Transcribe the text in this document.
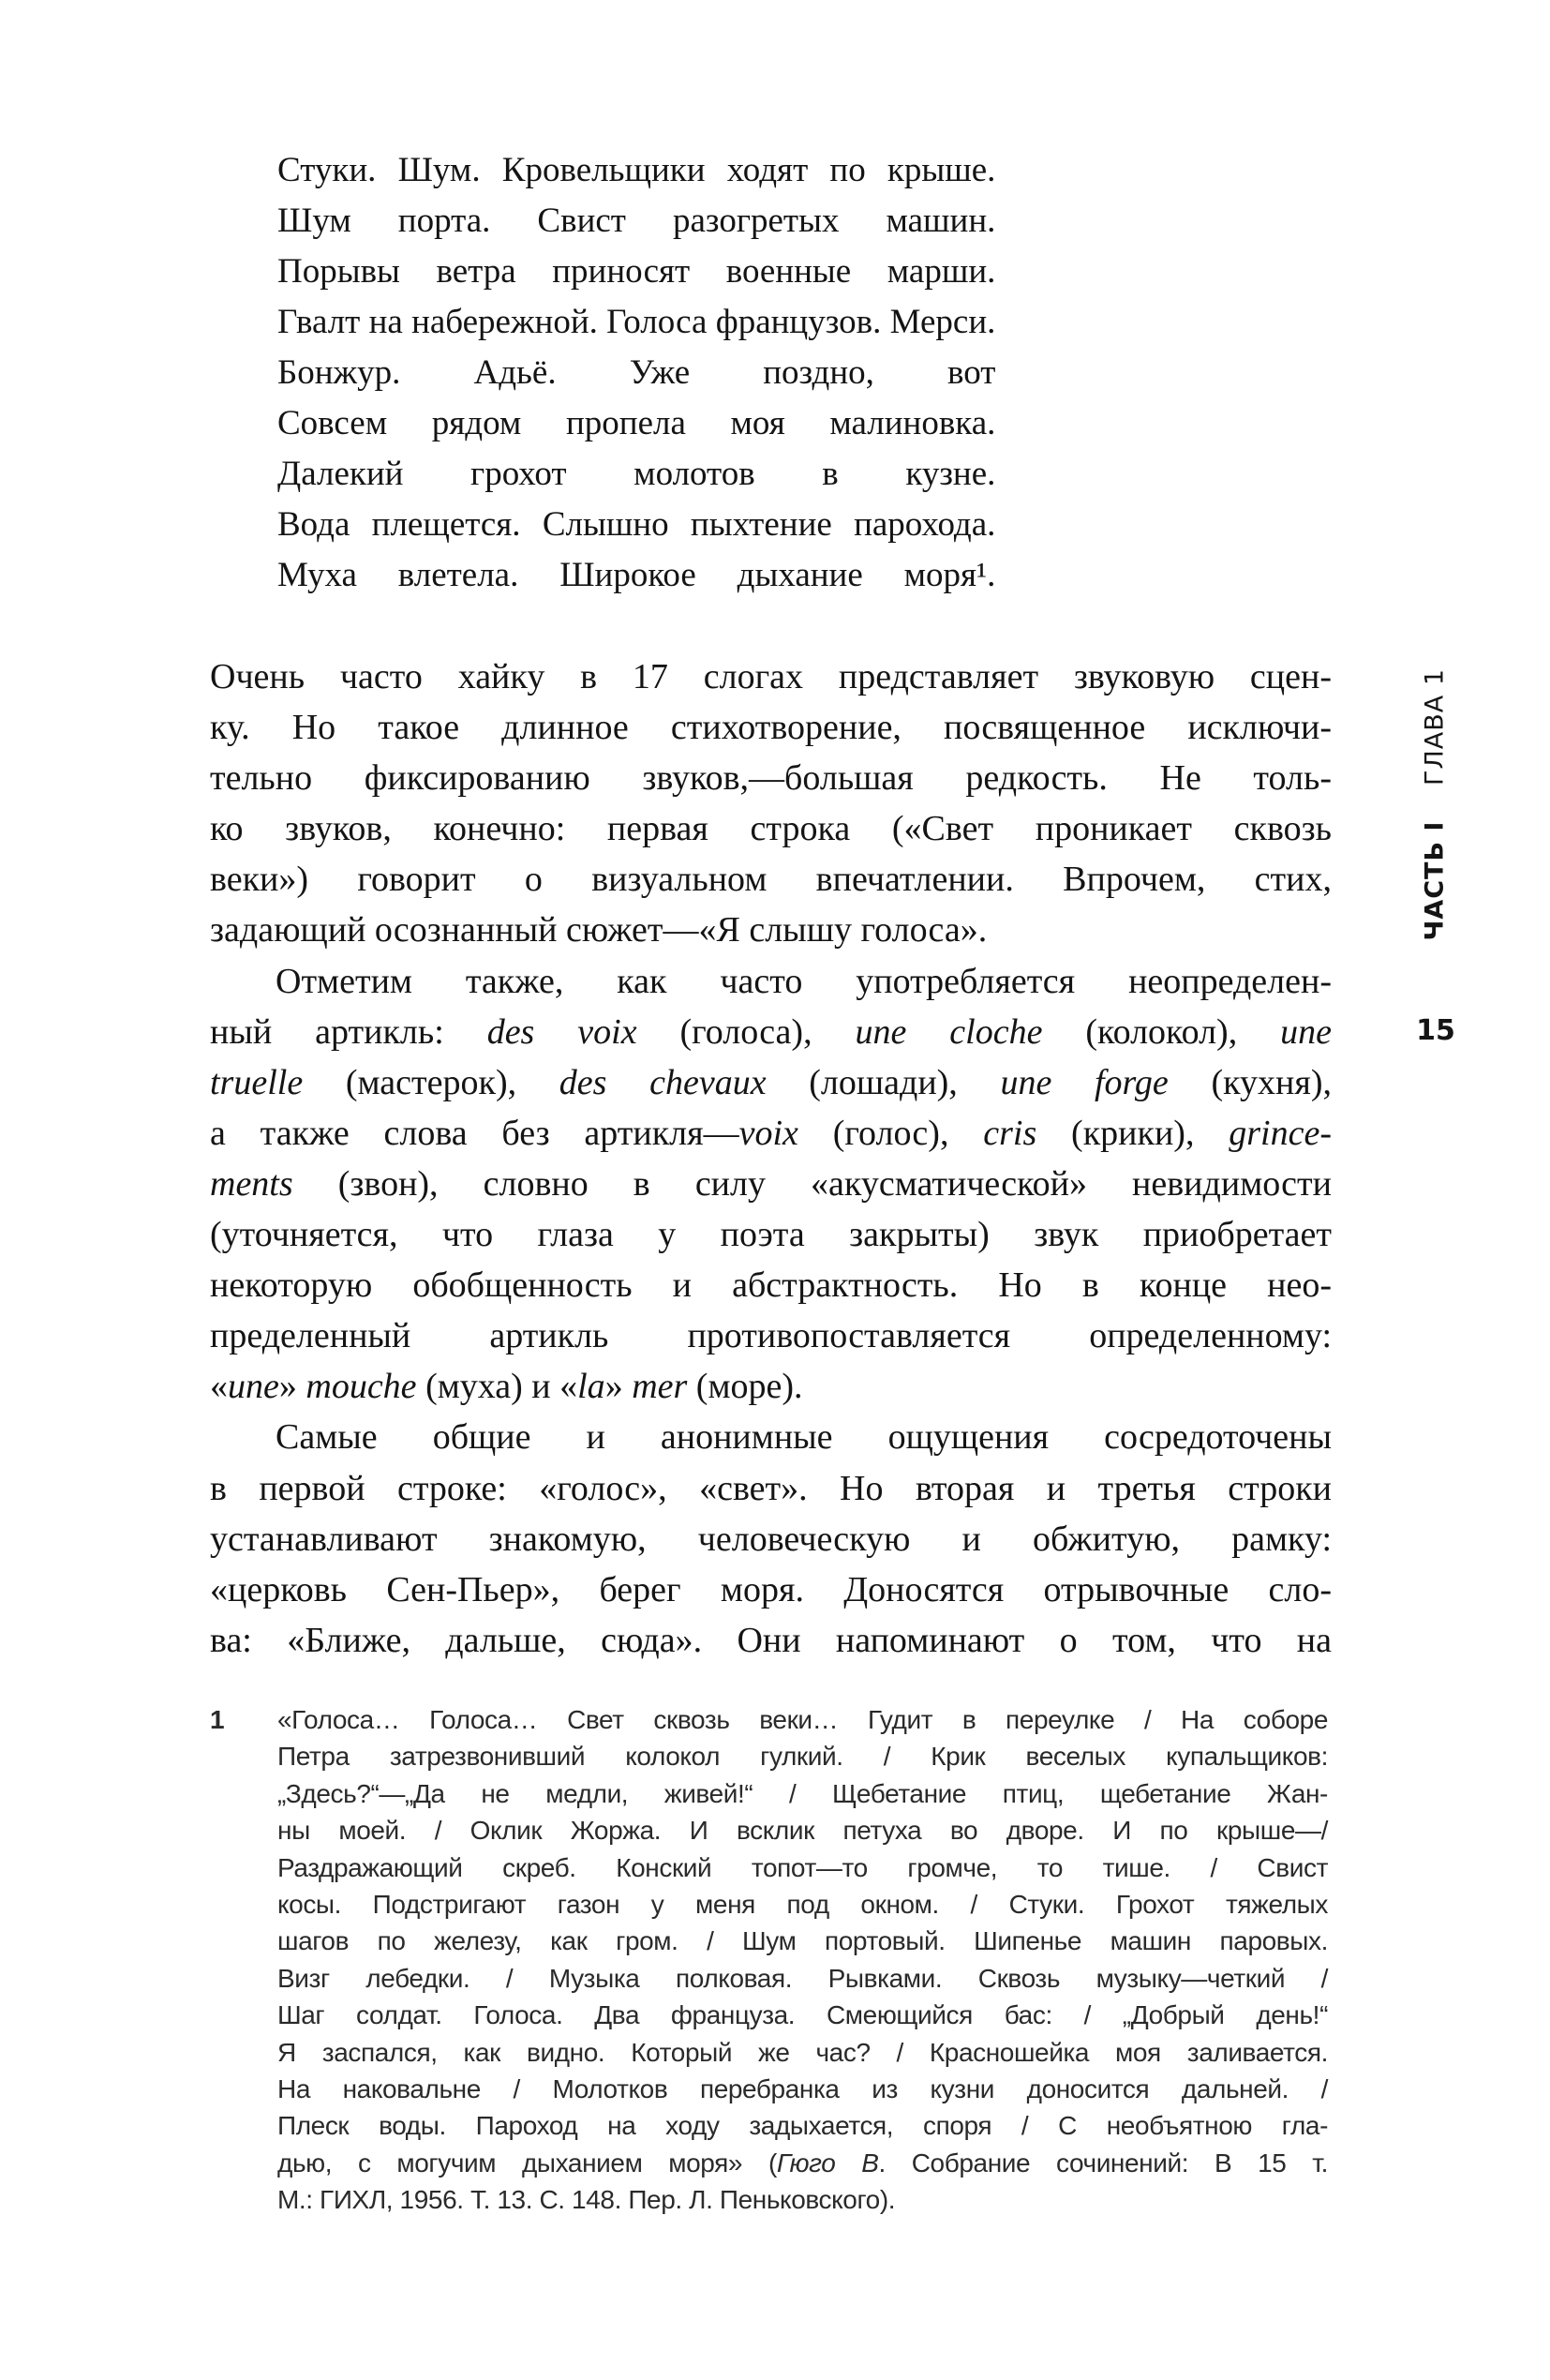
Стуки. Шум. Кровельщики ходят по крыше.
Шум порта. Свист разогретых машин.
Порывы ветра приносят военные марши.
Гвалт на набережной. Голоса французов. Мерси.
Бонжур. Адьё. Уже поздно, вот
Совсем рядом пропела моя малиновка.
Далекий грохот молотов в кузне.
Вода плещется. Слышно пыхтение парохода.
Муха влетела. Широкое дыхание моря¹.
Очень часто хайку в 17 слогах представляет звуковую сцен-
ку. Но такое длинное стихотворение, посвященное исключи-
тельно фиксированию звуков,—большая редкость. Не толь-
ко звуков, конечно: первая строка («Свет проникает сквозь
веки») говорит о визуальном впечатлении. Впрочем, стих,
задающий осознанный сюжет—«Я слышу голоса».
Отметим также, как часто употребляется неопределен-
ный артикль: des voix (голоса), une cloche (колокол), une
truelle (мастерок), des chevaux (лошади), une forge (кухня),
а также слова без артикля—voix (голос), cris (крики), grince-
ments (звон), словно в силу «акусматической» невидимости
(уточняется, что глаза у поэта закрыты) звук приобретает
некоторую обобщенность и абстрактность. Но в конце нео-
пределенный артикль противопоставляется определенному:
«une» mouche (муха) и «la» mer (море).
Самые общие и анонимные ощущения сосредоточены
в первой строке: «голос», «свет». Но вторая и третья строки
устанавливают знакомую, человеческую и обжитую, рамку:
«церковь Сен-Пьер», берег моря. Доносятся отрывочные сло-
ва: «Ближе, дальше, сюда». Они напоминают о том, что на
1 «Голоса… Голоса… Свет сквозь веки… Гудит в переулке / На соборе
Петра затрезвонивший колокол гулкий. / Крик веселых купальщиков:
„Здесь?“—„Да не медли, живей!“ / Щебетание птиц, щебетание Жан-
ны моей. / Оклик Жоржа. И всклик петуха во дворе. И по крыше—/
Раздражающий скреб. Конский топот—то громче, то тише. / Свист
косы. Подстригают газон у меня под окном. / Стуки. Грохот тяжелых
шагов по железу, как гром. / Шум портовый. Шипенье машин паровых.
Визг лебедки. / Музыка полковая. Рывками. Сквозь музыку—четкий /
Шаг солдат. Голоса. Два француза. Смеющийся бас: / „Добрый день!“
Я заспался, как видно. Который же час? / Красношейка моя заливается.
На наковальне / Молотков перебранка из кузни доносится дальней. /
Плеск воды. Пароход на ходу задыхается, споря / С необъятною гла-
дью, с могучим дыханием моря» (Гюго В. Собрание сочинений: В 15 т.
М.: ГИХЛ, 1956. Т. 13. С. 148. Пер. Л. Пеньковского).
ГЛАВА 1
ЧАСТЬ I
15
